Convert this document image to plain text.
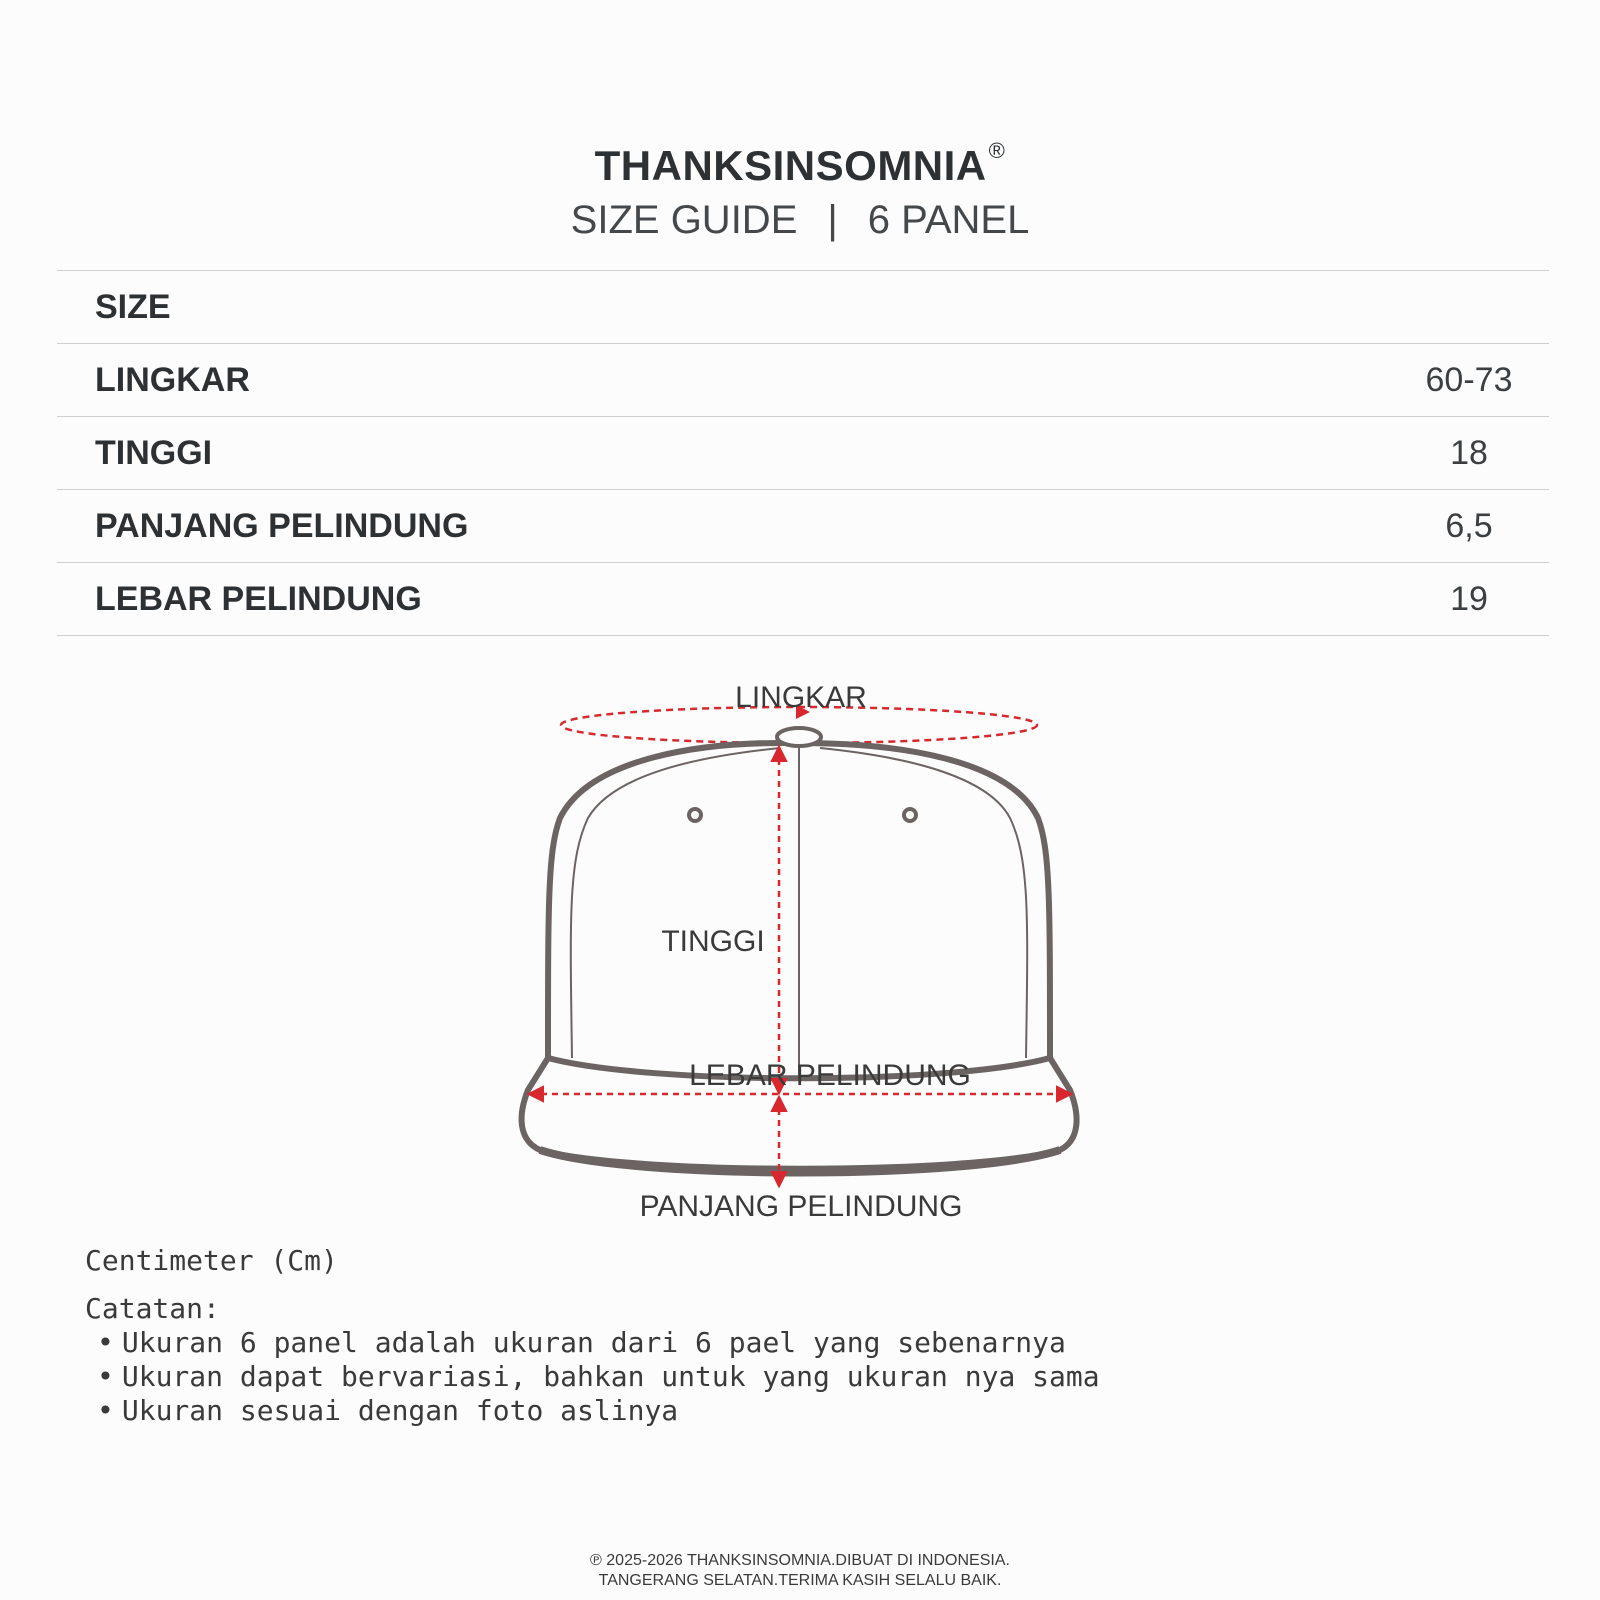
THANKSINSOMNIA®
SIZE GUIDE | 6 PANEL
SIZE
LINGKAR	60-73
TINGGI	18
PANJANG PELINDUNG	6,5
LEBAR PELINDUNG	19
LINGKAR
TINGGI
LEBAR PELINDUNG
PANJANG PELINDUNG
Centimeter (Cm)
Catatan:
• Ukuran 6 panel adalah ukuran dari 6 pael yang sebenarnya
• Ukuran dapat bervariasi, bahkan untuk yang ukuran nya sama
• Ukuran sesuai dengan foto aslinya
℗ 2025-2026 THANKSINSOMNIA.DIBUAT DI INDONESIA.
TANGERANG SELATAN.TERIMA KASIH SELALU BAIK.
